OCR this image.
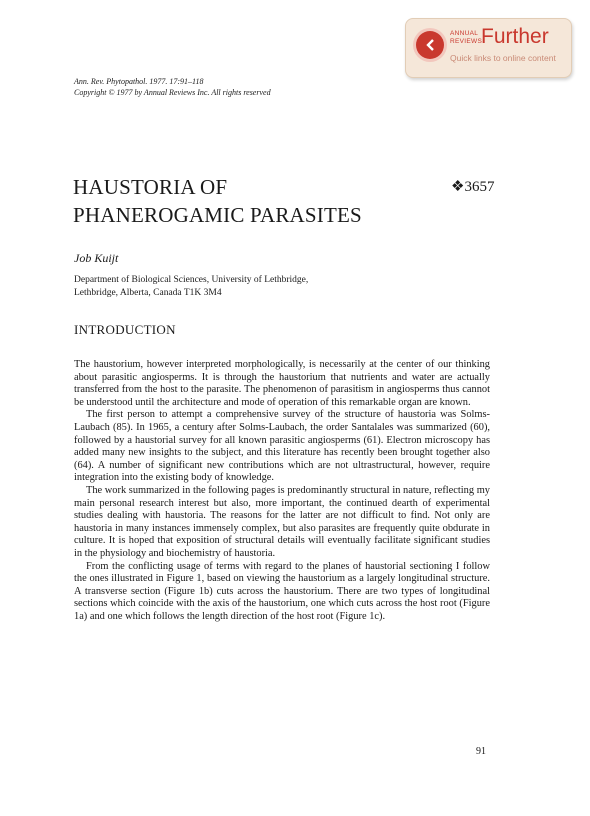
ANNUAL
REVIEWS
Further
Quick links to online content
Ann. Rev. Phytopathol. 1977. 17:91–118
Copyright © 1977 by Annual Reviews Inc. All rights reserved
HAUSTORIA OF
PHANEROGAMIC PARASITES
❖3657
Job Kuijt
Department of Biological Sciences, University of Lethbridge,
Lethbridge, Alberta, Canada T1K 3M4
INTRODUCTION

The haustorium, however interpreted morphologically, is necessarily at the center of our thinking about parasitic angiosperms. It is through the haustorium that nutrients and water are actually transferred from the host to the parasite. The phenomenon of parasitism in angiosperms thus cannot be understood until the architecture and mode of operation of this remarkable organ are known.

The first person to attempt a comprehensive survey of the structure of haustoria was Solms-Laubach (85). In 1965, a century after Solms-Laubach, the order Santalales was summarized (60), followed by a haustorial survey for all known parasitic angiosperms (61). Electron microscopy has added many new insights to the subject, and this literature has recently been brought together also (64). A number of significant new contributions which are not ultrastructural, however, require integration into the existing body of knowledge.

The work summarized in the following pages is predominantly structural in nature, reflecting my main personal research interest but also, more important, the continued dearth of experimental studies dealing with haustoria. The reasons for the latter are not difficult to find. Not only are haustoria in many instances immensely complex, but also parasites are frequently quite obdurate in culture. It is hoped that exposition of structural details will eventually facilitate significant studies in the physiology and biochemistry of haustoria.

From the conflicting usage of terms with regard to the planes of haustorial sectioning I follow the ones illustrated in Figure 1, based on viewing the haustorium as a largely longitudinal structure. A transverse section (Figure 1b) cuts across the haustorium. There are two types of longitudinal sections which coincide with the axis of the haustorium, one which cuts across the host root (Figure 1a) and one which follows the length direction of the host root (Figure 1c).

91
